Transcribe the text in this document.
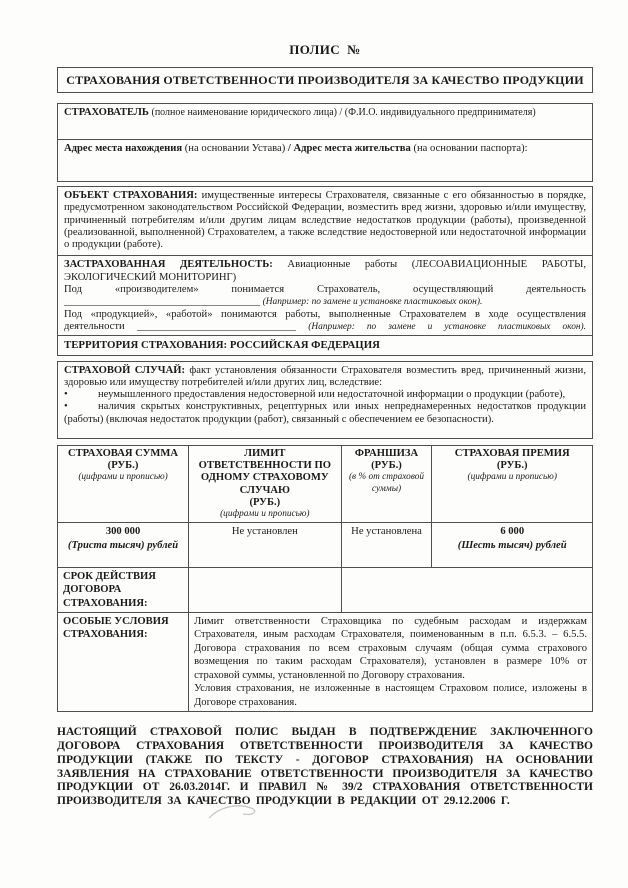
ПОЛИС  №
СТРАХОВАНИЯ ОТВЕТСТВЕННОСТИ ПРОИЗВОДИТЕЛЯ ЗА КАЧЕСТВО ПРОДУКЦИИ

СТРАХОВАТЕЛЬ (полное наименование юридического лица) / (Ф.И.О. индивидуального предпринимателя)

Адрес места нахождения (на основании Устава) / Адрес места жительства (на основании паспорта):

ОБЪЕКТ СТРАХОВАНИЯ: имущественные интересы Страхователя, связанные с его обязанностью в порядке, предусмотренном законодательством Российской Федерации, возместить вред жизни, здоровью и/или имуществу, причиненный потребителям и/или другим лицам вследствие недостатков продукции (работы), произведенной (реализованной, выполненной) Страхователем, а также вследствие недостоверной или недостаточной информации о продукции (работе).

ЗАСТРАХОВАННАЯ ДЕЯТЕЛЬНОСТЬ: Авиационные работы (ЛЕСОАВИАЦИОННЫЕ РАБОТЫ, ЭКОЛОГИЧЕСКИЙ МОНИТОРИНГ)

Под «производителем» понимается Страхователь, осуществляющий деятельность

_____________________________________ (Например: по замене и установке пластиковых окон).

Под «продукцией», «работой» понимаются работы, выполненные Страхователем в ходе осуществления

деятельности ______________________________ (Например: по замене и установке пластиковых окон).

ТЕРРИТОРИЯ СТРАХОВАНИЯ: РОССИЙСКАЯ ФЕДЕРАЦИЯ

СТРАХОВОЙ СЛУЧАЙ: факт установления обязанности Страхователя возместить вред, причиненный жизни, здоровью или имуществу потребителей и/или других лиц, вследствие:

•	неумышленного предоставления недостоверной или недостаточной информации о продукции (работе),

•	наличия скрытых конструктивных, рецептурных или иных непреднамеренных недостатков продукции (работы) (включая недостаток продукции (работ), связанный с обеспечением ее безопасности).

СТРАХОВАЯ СУММА
(РУБ.)
(цифрами и прописью)	ЛИМИТ ОТВЕТСТВЕННОСТИ ПО ОДНОМУ СТРАХОВОМУ СЛУЧАЮ
(РУБ.)
(цифрами и прописью)	ФРАНШИЗА
(РУБ.)
(в % от страховой суммы)	СТРАХОВАЯ ПРЕМИЯ
(РУБ.)
(цифрами и прописью)

300 000
(Триста тысяч) рублей	Не установлен	Не установлена	6 000
(Шесть тысяч) рублей
СРОК ДЕЙСТВИЯ ДОГОВОРА СТРАХОВАНИЯ:			
ОСОБЫЕ УСЛОВИЯ СТРАХОВАНИЯ:	Лимит ответственности Страховщика по судебным расходам и издержкам Страхователя, иным расходам Страхователя, поименованным в п.п. 6.5.3. – 6.5.5. Договора страхования по всем страховым случаям (общая сумма страхового возмещения по таким расходам Страхователя), установлен в размере 10% от страховой суммы, установленной по Договору страхования.

Условия страхования, не изложенные в настоящем Страховом полисе, изложены в Договоре страхования.		

НАСТОЯЩИЙ СТРАХОВОЙ ПОЛИС ВЫДАН В ПОДТВЕРЖДЕНИЕ ЗАКЛЮЧЕННОГО ДОГОВОРА СТРАХОВАНИЯ ОТВЕТСТВЕННОСТИ ПРОИЗВОДИТЕЛЯ ЗА КАЧЕСТВО ПРОДУКЦИИ (ТАКЖЕ ПО ТЕКСТУ - ДОГОВОР СТРАХОВАНИЯ) НА ОСНОВАНИИ ЗАЯВЛЕНИЯ НА СТРАХОВАНИЕ ОТВЕТСТВЕННОСТИ ПРОИЗВОДИТЕЛЯ ЗА КАЧЕСТВО ПРОДУКЦИИ ОТ 26.03.2014Г. И ПРАВИЛ № 39/2 СТРАХОВАНИЯ ОТВЕТСТВЕННОСТИ ПРОИЗВОДИТЕЛЯ ЗА КАЧЕСТВО ПРОДУКЦИИ В РЕДАКЦИИ ОТ 29.12.2006 Г.
